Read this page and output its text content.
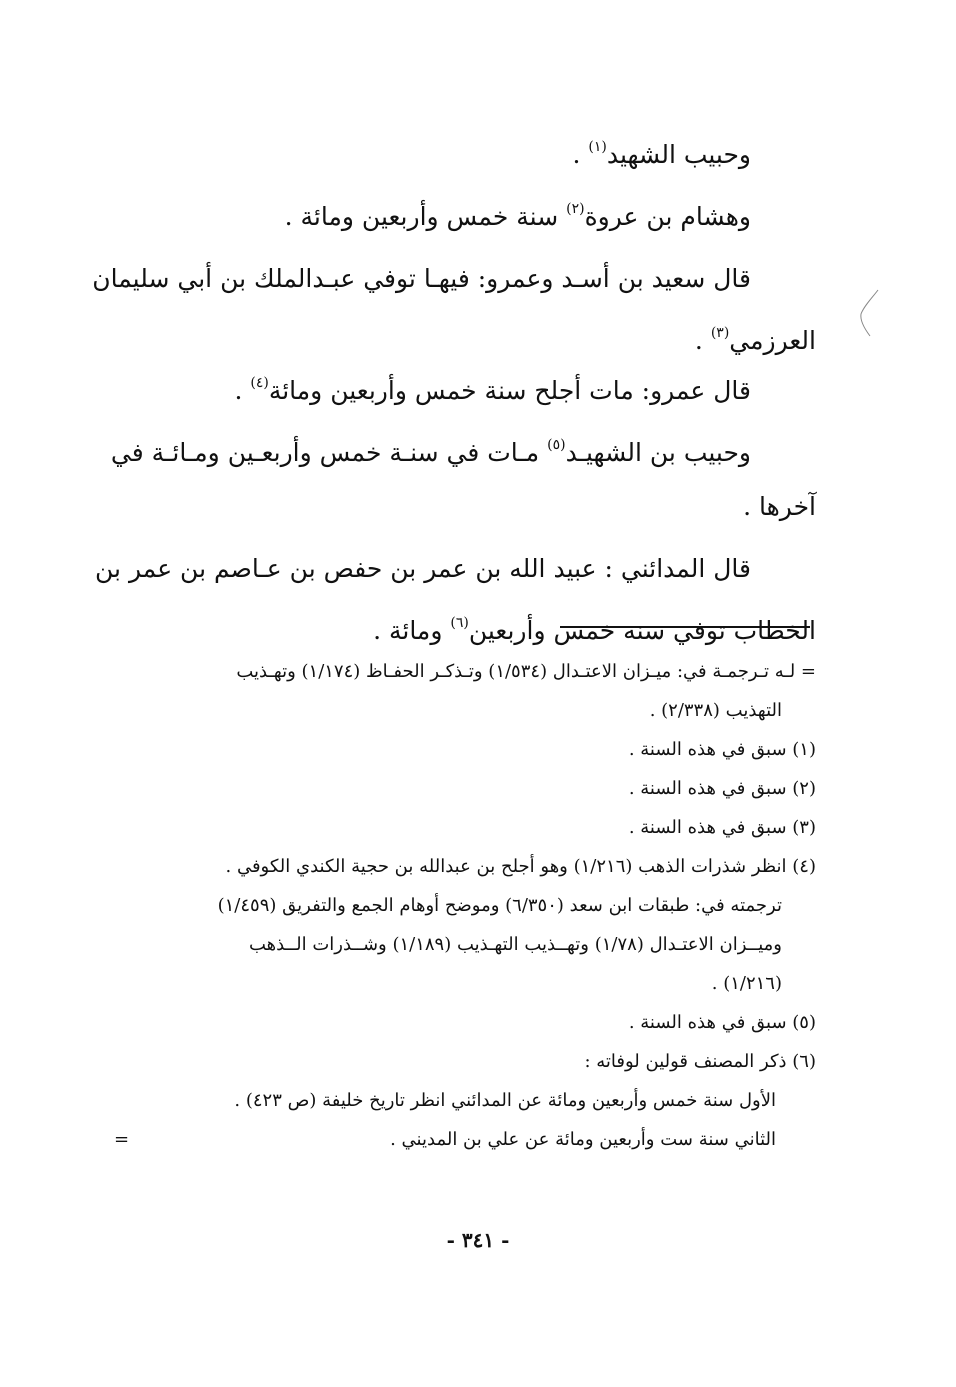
وحبيب الشهيد$^{(١)}$ .

وهشام بن عروة$^{(٢)}$ سنة خمس وأربعين ومائة .

قال سعيد بن أسـد وعمرو: فيهـا توفي عبـدالملك بن أبي سليمان

العرزمي$^{(٣)}$ .

قال عمرو: مات أجلح سنة خمس وأربعين ومائة$^{(٤)}$ .

وحبيب بن الشهيـد$^{(٥)}$ مـات في سنـة خمس وأربعـين ومـائـة في

آخرها .

قال المدائني : عبيد الله بن عمر بن حفص بن عـاصم بن عمر بن

الخطاب توفي سنة خمس وأربعين$^{(٦)}$ ومائة .

= لـه تـرجمـة في: ميـزان الاعتـدال (١/٥٣٤) وتـذكـر الحفـاظ (١/١٧٤) وتهـذيب

التهذيب (٢/٣٣٨) .

(١) سبق في هذه السنة .

(٢) سبق في هذه السنة .

(٣) سبق في هذه السنة .

(٤) انظر شذرات الذهب (١/٢١٦) وهو أجلح بن عبدالله بن حجية الكندي الكوفي .

ترجمته في: طبقات ابن سعد (٦/٣٥٠) وموضح أوهام الجمع والتفريق (١/٤٥٩)

وميــزان الاعتـدال (١/٧٨) وتهــذيب التهـذيب (١/١٨٩) وشــذرات الــذهب

(١/٢١٦) .

(٥) سبق في هذه السنة .

(٦) ذكر المصنف قولين لوفاته :

الأول سنة خمس وأربعين ومائة عن المدائني انظر تاريخ خليفة (ص ٤٢٣) .

الثاني سنة ست وأربعين ومائة عن علي بن المديني .

=
- ٣٤١ -
